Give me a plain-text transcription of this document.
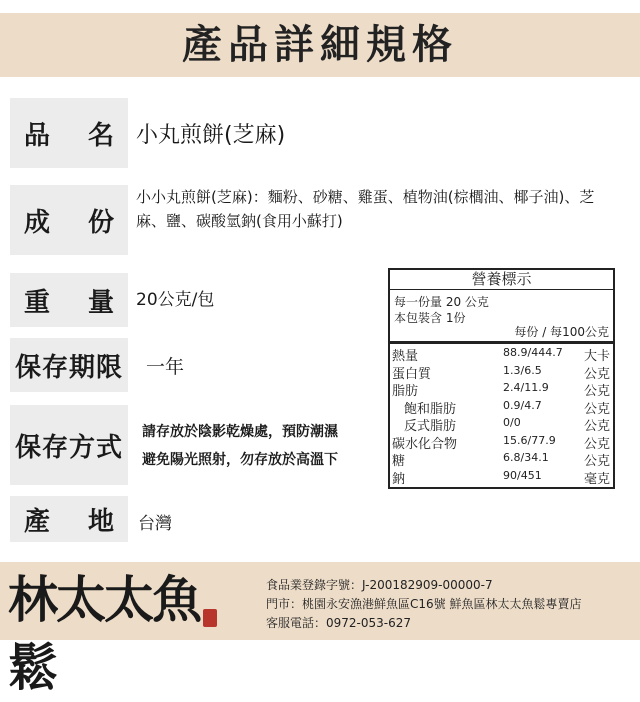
產品詳細規格
品 名 小丸煎餅(芝麻)
成 份
小小丸煎餅(芝麻)：麵粉、砂糖、雞蛋、植物油(棕櫚油、椰子油)、芝麻、鹽、碳酸氫鈉(食用小蘇打)
重 量 20公克/包
保存期限 一年
保存方式
請存放於陰影乾燥處，預防潮濕
避免陽光照射，勿存放於高溫下
產 地 台灣
營養標示
每一份量 20 公克
本包裝含 1份
每份 / 每100公克
熱量	88.9/444.7 大卡
蛋白質	1.3/6.5	公克
脂肪	2.4/11.9	公克
飽和脂肪	0.9/4.7	公克
反式脂肪	0/0	公克
碳水化合物	15.6/77.9 公克
糖	6.8/34.1	公克
鈉	90/451	毫克
林太太魚鬆
食品業登錄字號：J-200182909-00000-7
門市：桃園永安漁港鮮魚區C16號 鮮魚區林太太魚鬆專賣店
客服電話：0972-053-627
